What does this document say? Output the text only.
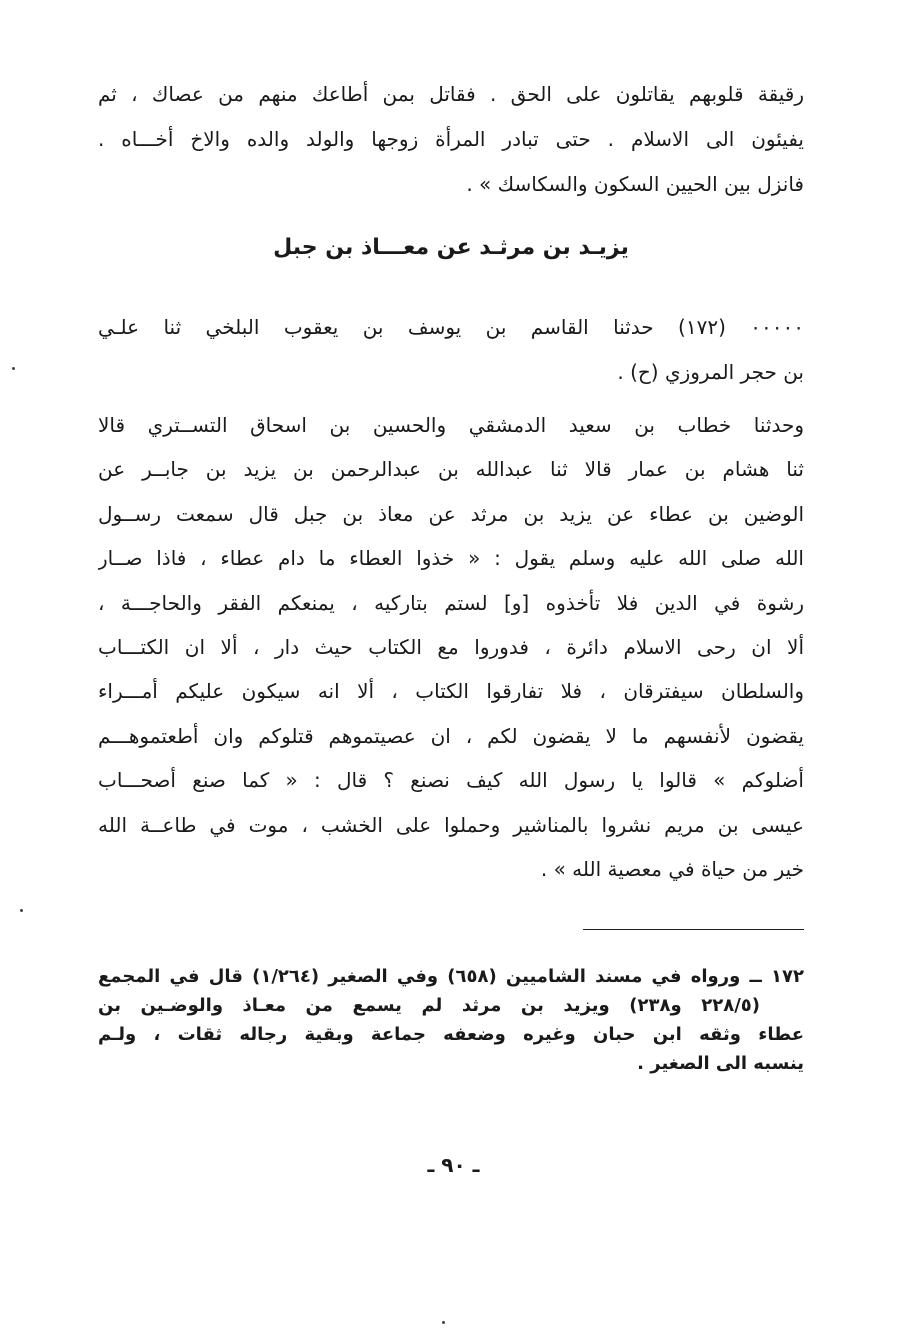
رقيقة قلوبهم يقاتلون على الحق . فقاتل بمن أطاعك منهم من عصاك ، ثم
يفيئون الى الاسلام . حتى تبادر المرأة زوجها والولد والده والاخ أخـــاه .
فانزل بين الحيين السكون والسكاسك » .
يزيـد بن مرثـد عن معـــاذ بن جبل
٠٠٠٠٠ (١٧٢) حدثنا القاسم بن يوسف بن يعقوب البلخي ثنا علـي
بن حجر المروزي (ح) .
وحدثنا خطاب بن سعيد الدمشقي والحسين بن اسحاق التســتري قالا
ثنا هشام بن عمار قالا ثنا عبدالله بن عبدالرحمن بن يزيد بن جابــر عن
الوضين بن عطاء عن يزيد بن مرثد عن معاذ بن جبل قال سمعت رســول
الله صلى الله عليه وسلم يقول : « خذوا العطاء ما دام عطاء ، فاذا صــار
رشوة في الدين فلا تأخذوه [و] لستم بتاركيه ، يمنعكم الفقر والحاجـــة ،
ألا ان رحى الاسلام دائرة ، فدوروا مع الكتاب حيث دار ، ألا ان الكتـــاب
والسلطان سيفترقان ، فلا تفارقوا الكتاب ، ألا انه سيكون عليكم أمـــراء
يقضون لأنفسهم ما لا يقضون لكم ، ان عصيتموهم قتلوكم وان أطعتموهـــم
أضلوكم » قالوا يا رسول الله كيف نصنع ؟ قال : « كما صنع أصحـــاب
عيسى بن مريم نشروا بالمناشير وحملوا على الخشب ، موت في طاعــة الله
خير من حياة في معصية الله » .
١٧٢ ــ ورواه في مسند الشاميين (٦٥٨) وفي الصغير (١/٢٦٤) قال في المجمع
(٢٢٨/٥ و٢٣٨) ويزيد بن مرثد لم يسمع من معـاذ والوضـين بن
عطاء وثقه ابن حبان وغيره وضعفه جماعة وبقية رجاله ثقات ، ولـم
ينسبه الى الصغير .
ـ ٩٠ ـ
